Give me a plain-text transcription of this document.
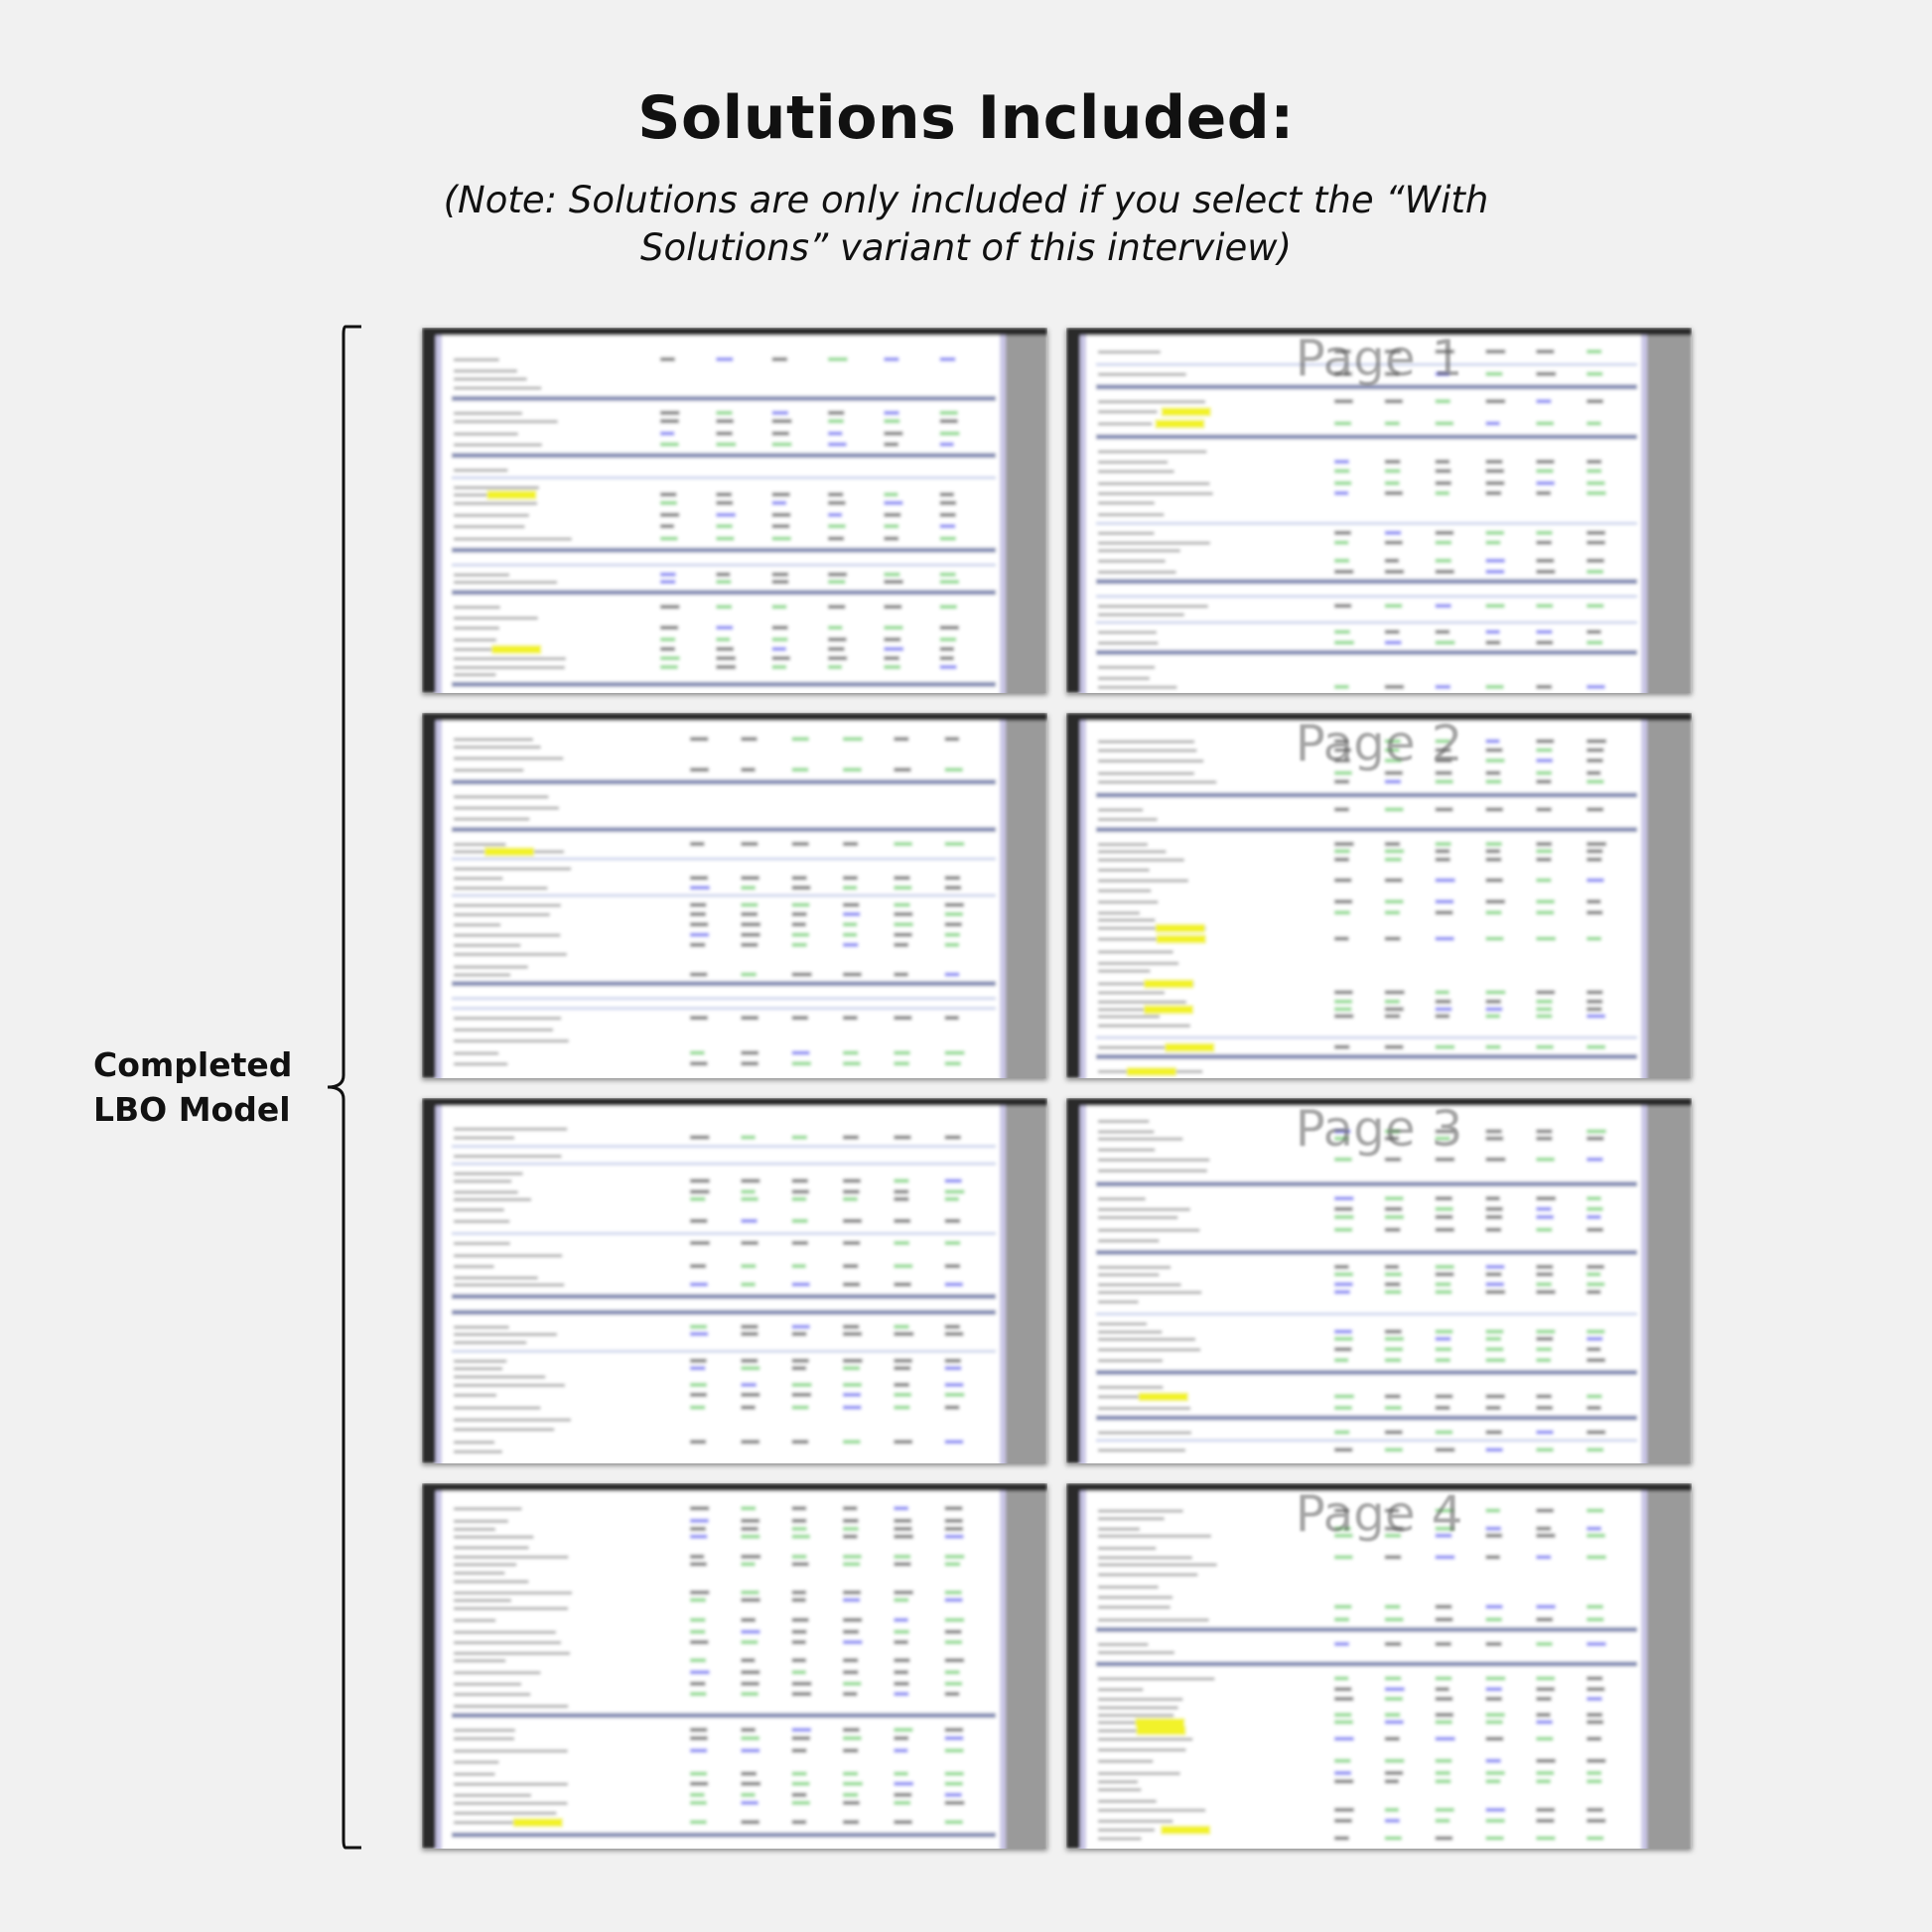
Solutions Included:
(Note: Solutions are only included if you select the “With
Solutions” variant of this interview)
Completed
LBO Model
Page 1
Page 2
Page 3
Page 4
